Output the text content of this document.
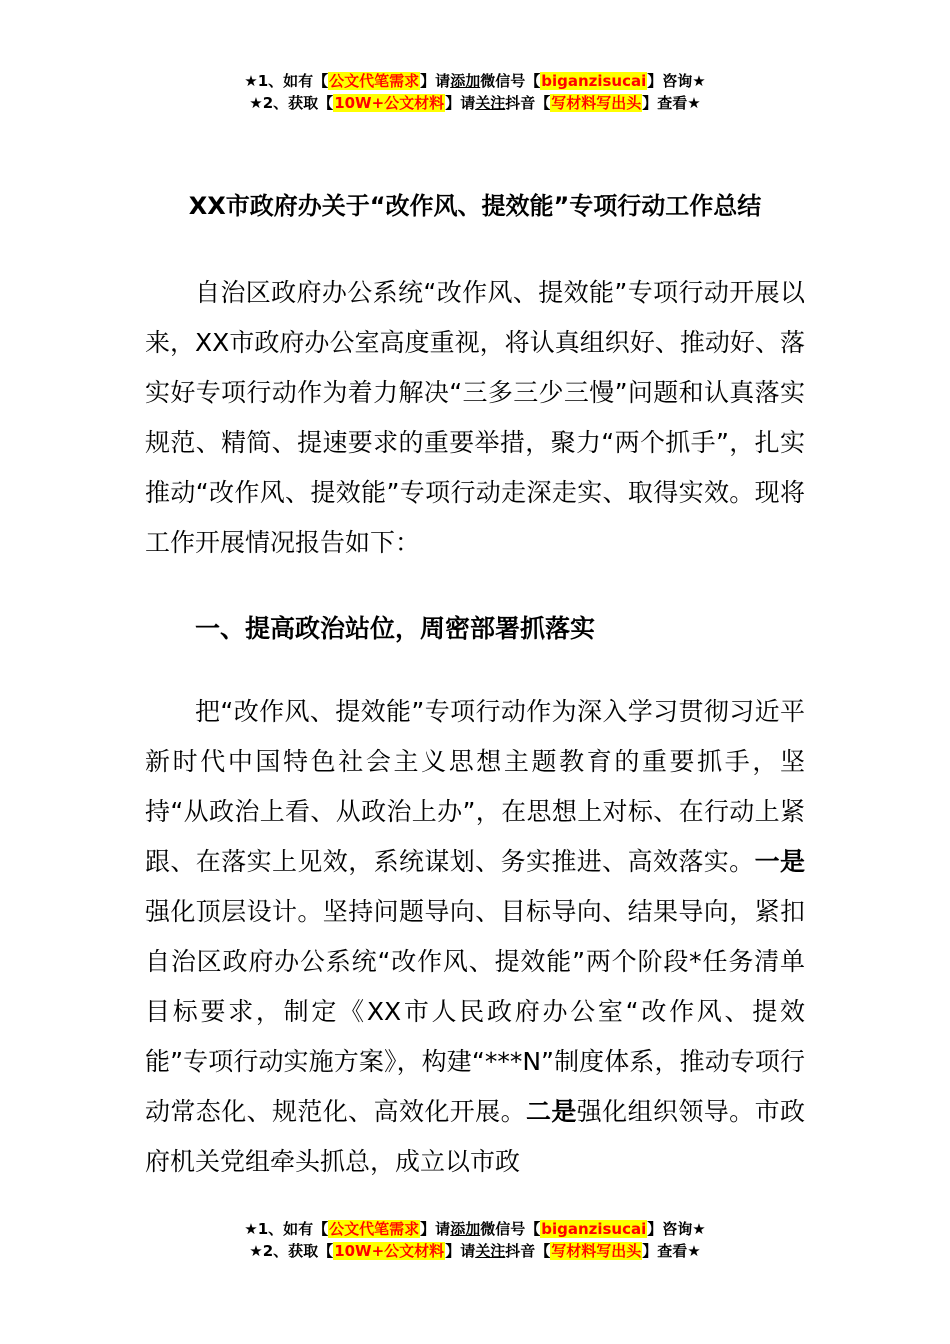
★1、如有【公文代笔需求】请添加微信号【biganzisucai】咨询★
★2、获取【10W+公文材料】请关注抖音【写材料写出头】查看★
XX市政府办关于“改作风、提效能”专项行动工作总结

自治区政府办公系统“改作风、提效能”专项行动开展以来，XX市政府办公室高度重视，将认真组织好、推动好、落实好专项行动作为着力解决“三多三少三慢”问题和认真落实规范、精简、提速要求的重要举措，聚力“两个抓手”，扎实推动“改作风、提效能”专项行动走深走实、取得实效。现将工作开展情况报告如下：

一、提高政治站位，周密部署抓落实

把“改作风、提效能”专项行动作为深入学习贯彻习近平新时代中国特色社会主义思想主题教育的重要抓手，坚持“从政治上看、从政治上办”，在思想上对标、在行动上紧跟、在落实上见效，系统谋划、务实推进、高效落实。一是强化顶层设计。坚持问题导向、目标导向、结果导向，紧扣自治区政府办公系统“改作风、提效能”两个阶段*任务清单目标要求，制定《XX市人民政府办公室“改作风、提效能”专项行动实施方案》，构建“***N”制度体系，推动专项行动常态化、规范化、高效化开展。二是强化组织领导。市政府机关党组牵头抓总，成立以市政

★1、如有【公文代笔需求】请添加微信号【biganzisucai】咨询★
★2、获取【10W+公文材料】请关注抖音【写材料写出头】查看★
